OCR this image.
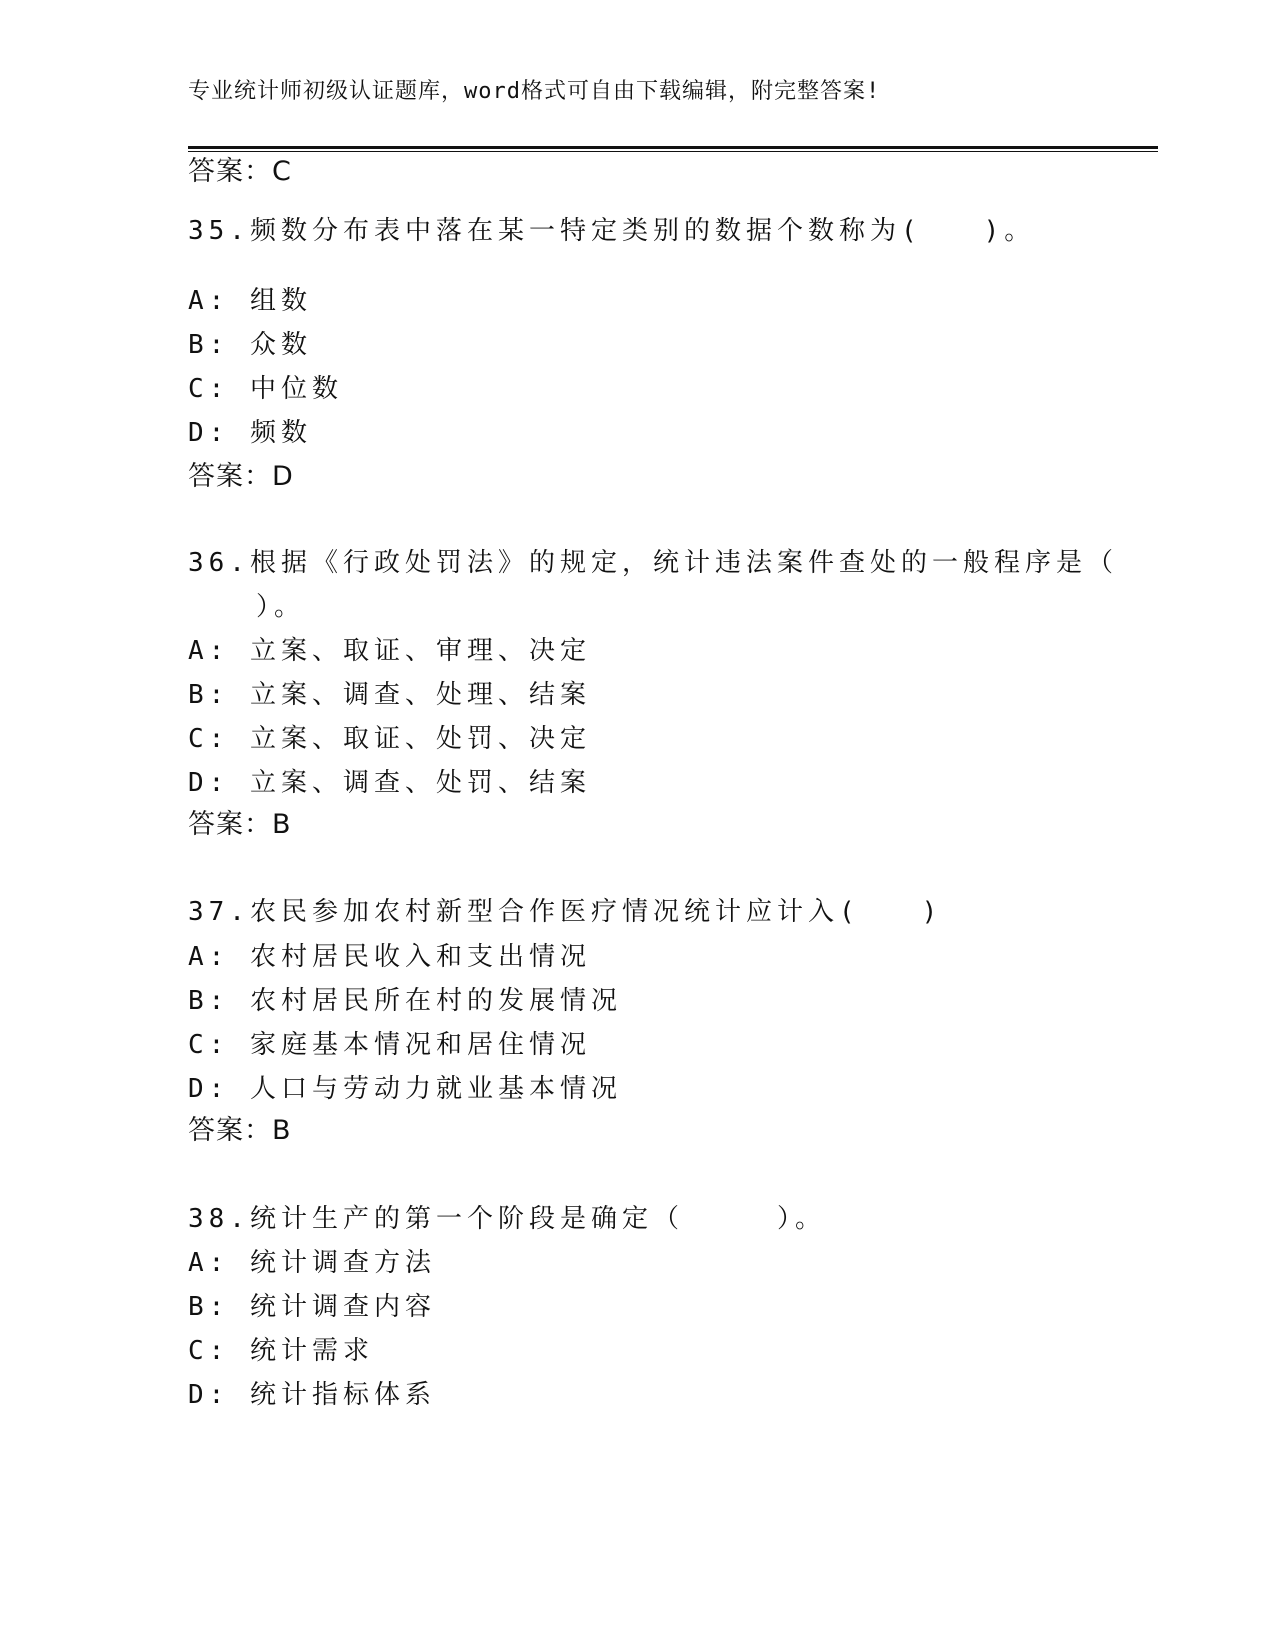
专业统计师初级认证题库，word格式可自由下载编辑，附完整答案!
答案：C
35.频数分布表中落在某一特定类别的数据个数称为(　　)。
A: 组数
B: 众数
C: 中位数
D: 频数
答案：D
36.根据《行政处罚法》的规定，统计违法案件查处的一般程序是（
）。
A: 立案、取证、审理、决定
B: 立案、调查、处理、结案
C: 立案、取证、处罚、决定
D: 立案、调查、处罚、结案
答案：B
37.农民参加农村新型合作医疗情况统计应计入(　　)
A: 农村居民收入和支出情况
B: 农村居民所在村的发展情况
C: 家庭基本情况和居住情况
D: 人口与劳动力就业基本情况
答案：B
38.统计生产的第一个阶段是确定（　　　）。
A: 统计调查方法
B: 统计调查内容
C: 统计需求
D: 统计指标体系
